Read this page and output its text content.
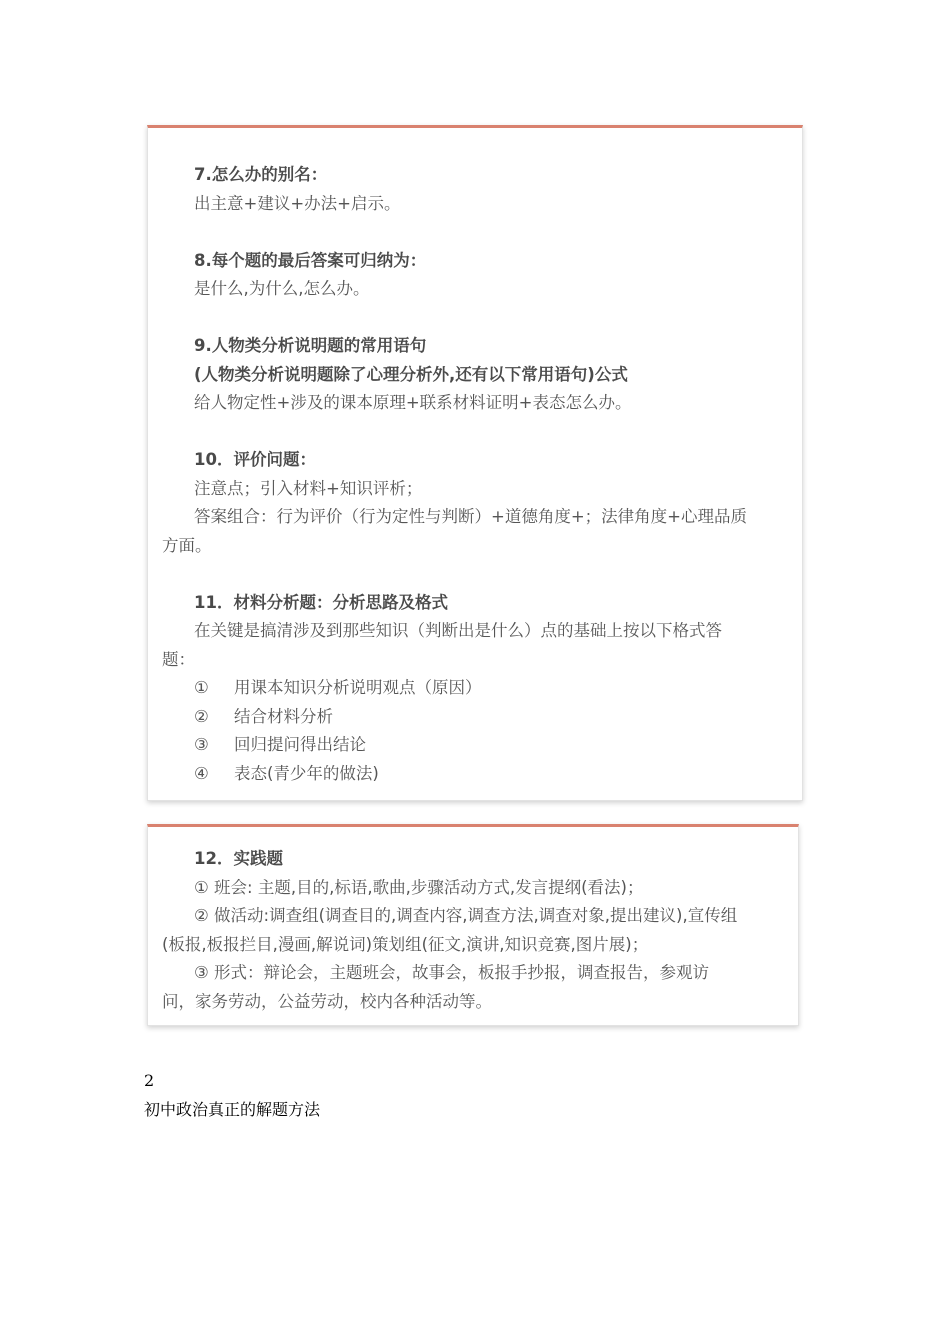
7.怎么办的别名：
出主意+建议+办法+启示。
8.每个题的最后答案可归纳为：
是什么,为什么,怎么办。
9.人物类分析说明题的常用语句
(人物类分析说明题除了心理分析外,还有以下常用语句)公式
给人物定性+涉及的课本原理+联系材料证明+表态怎么办。
10．评价问题：
注意点；引入材料+知识评析；
答案组合：行为评价（行为定性与判断）+道德角度+；法律角度+心理品质
方面。
11．材料分析题：分析思路及格式
在关键是搞清涉及到那些知识（判断出是什么）点的基础上按以下格式答
题：
① 用课本知识分析说明观点（原因）
② 结合材料分析
③ 回归提问得出结论
④ 表态(青少年的做法)
12．实践题
① 班会: 主题,目的,标语,歌曲,步骤活动方式,发言提纲(看法)；
② 做活动:调查组(调查目的,调查内容,调查方法,调查对象,提出建议),宣传组
(板报,板报拦目,漫画,解说词)策划组(征文,演讲,知识竞赛,图片展)；
③ 形式：辩论会，主题班会，故事会，板报手抄报，调查报告，参观访
问，家务劳动，公益劳动，校内各种活动等。
2
初中政治真正的解题方法
